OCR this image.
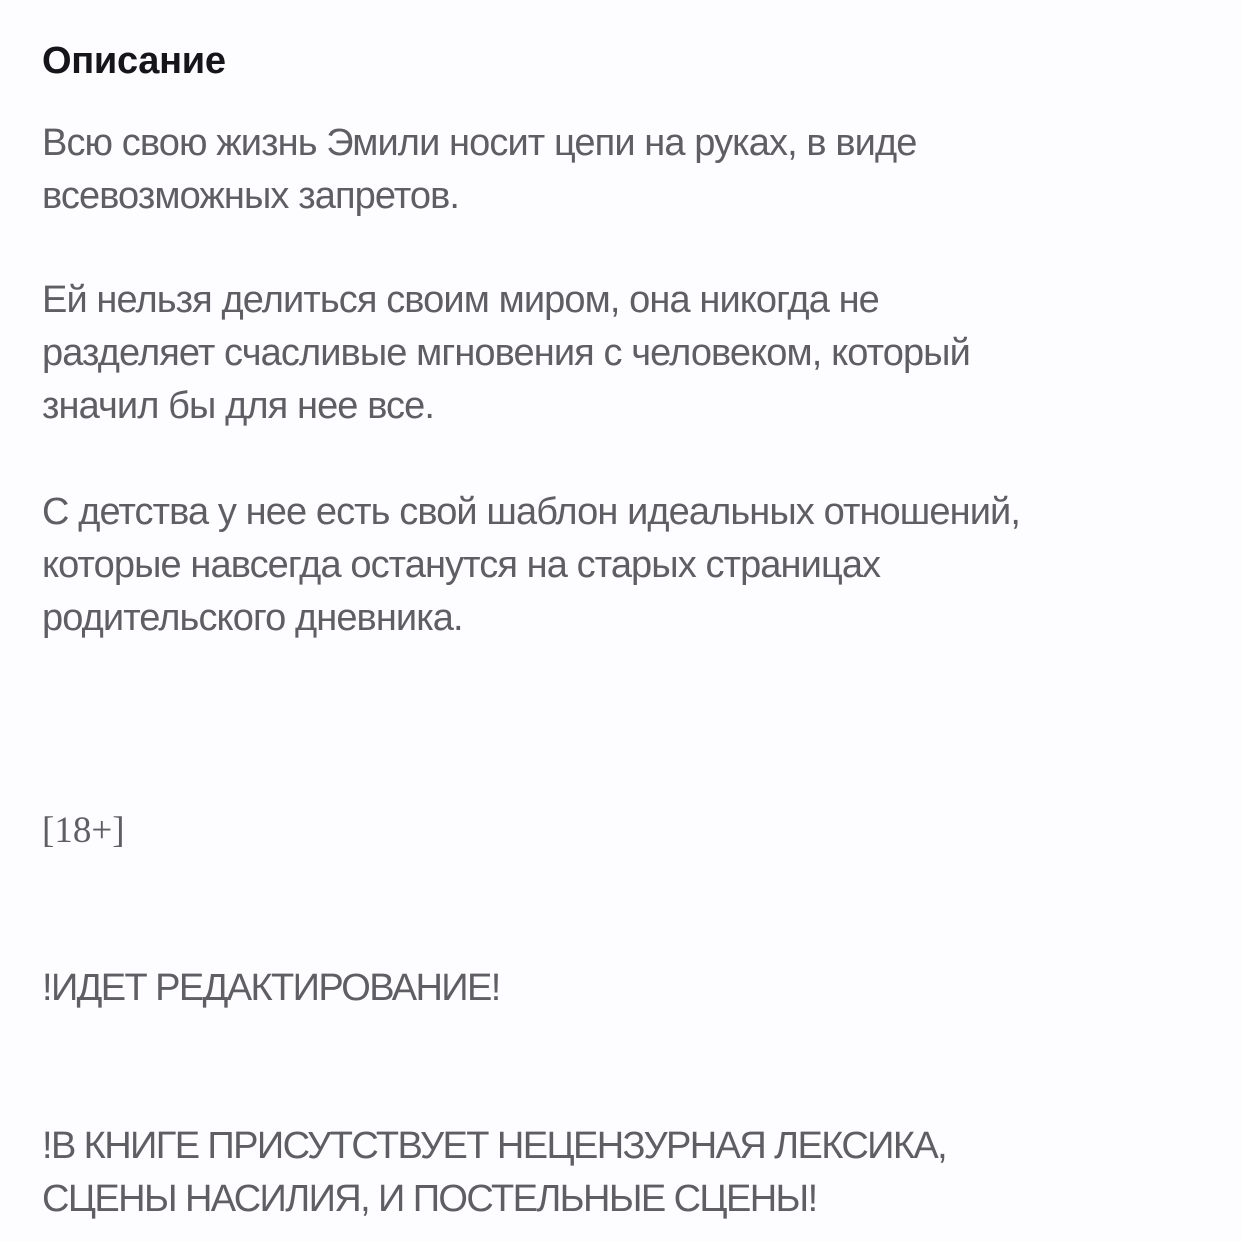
Описание

Всю свою жизнь Эмили носит цепи на руках, в виде
всевозможных запретов.

Ей нельзя делиться своим миром, она никогда не
разделяет счасливые мгновения с человеком, который
значил бы для нее все.

С детства у нее есть свой шаблон идеальных отношений,
которые навсегда останутся на старых страницах
родительского дневника.

[18+]

!ИДЕТ РЕДАКТИРОВАНИЕ!

!В КНИГЕ ПРИСУТСТВУЕТ НЕЦЕНЗУРНАЯ ЛЕКСИКА,
СЦЕНЫ НАСИЛИЯ, И ПОСТЕЛЬНЫЕ СЦЕНЫ!
